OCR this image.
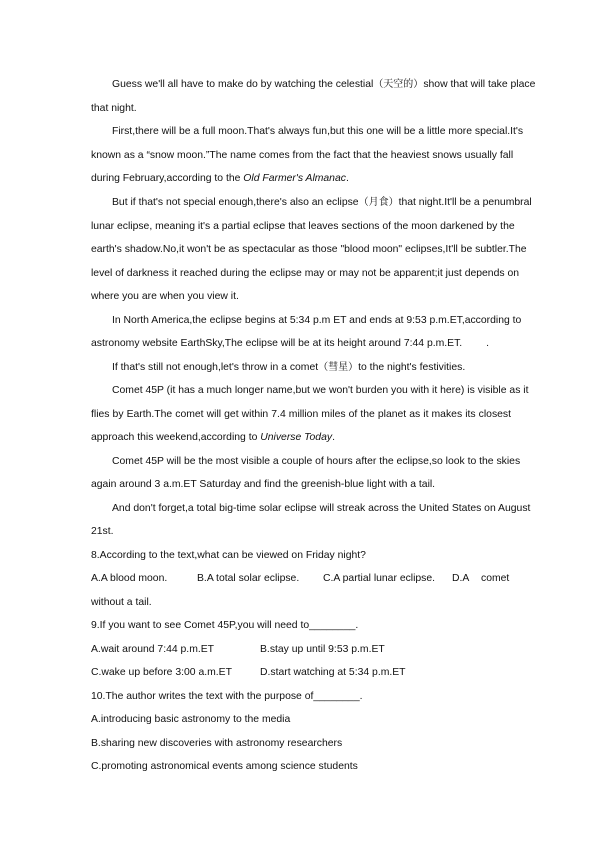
Guess we'll all have to make do by watching the celestial（天空的）show that will take place
that night.
First,there will be a full moon.That's always fun,but this one will be a little more special.It's
known as a “snow moon.”The name comes from the fact that the heaviest snows usually fall
during February,according to the Old Farmer's Almanac.
But if that's not special enough,there's also an eclipse（月食）that night.It'll be a penumbral
lunar eclipse, meaning it's a partial eclipse that leaves sections of the moon darkened by the
earth's shadow.No,it won't be as spectacular as those "blood moon" eclipses,It'll be subtler.The
level of darkness it reached during the eclipse may or may not be apparent;it just depends on
where you are when you view it.
In North America,the eclipse begins at 5:34 p.m ET and ends at 9:53 p.m.ET,according to
astronomy website EarthSky,The eclipse will be at its height around 7:44 p.m.ET. .
If that's still not enough,let's throw in a comet（彗星）to the night's festivities.
Comet 45P (it has a much longer name,but we won't burden you with it here) is visible as it
flies by Earth.The comet will get within 7.4 million miles of the planet as it makes its closest
approach this weekend,according to Universe Today.
Comet 45P will be the most visible a couple of hours after the eclipse,so look to the skies
again around 3 a.m.ET Saturday and find the greenish-blue light with a tail.
And don't forget,a total big-time solar eclipse will streak across the United States on August
21st.
8.According to the text,what can be viewed on Friday night?
A.A blood moon.	B.A total solar eclipse. C.A partial lunar eclipse. D.A comet
without a tail.
9.If you want to see Comet 45P,you will need to________.
A.wait around 7:44 p.m.ET	B.stay up until 9:53 p.m.ET
C.wake up before 3:00 a.m.ET	D.start watching at 5:34 p.m.ET
10.The author writes the text with the purpose of________.
A.introducing basic astronomy to the media
B.sharing new discoveries with astronomy researchers
C.promoting astronomical events among science students
